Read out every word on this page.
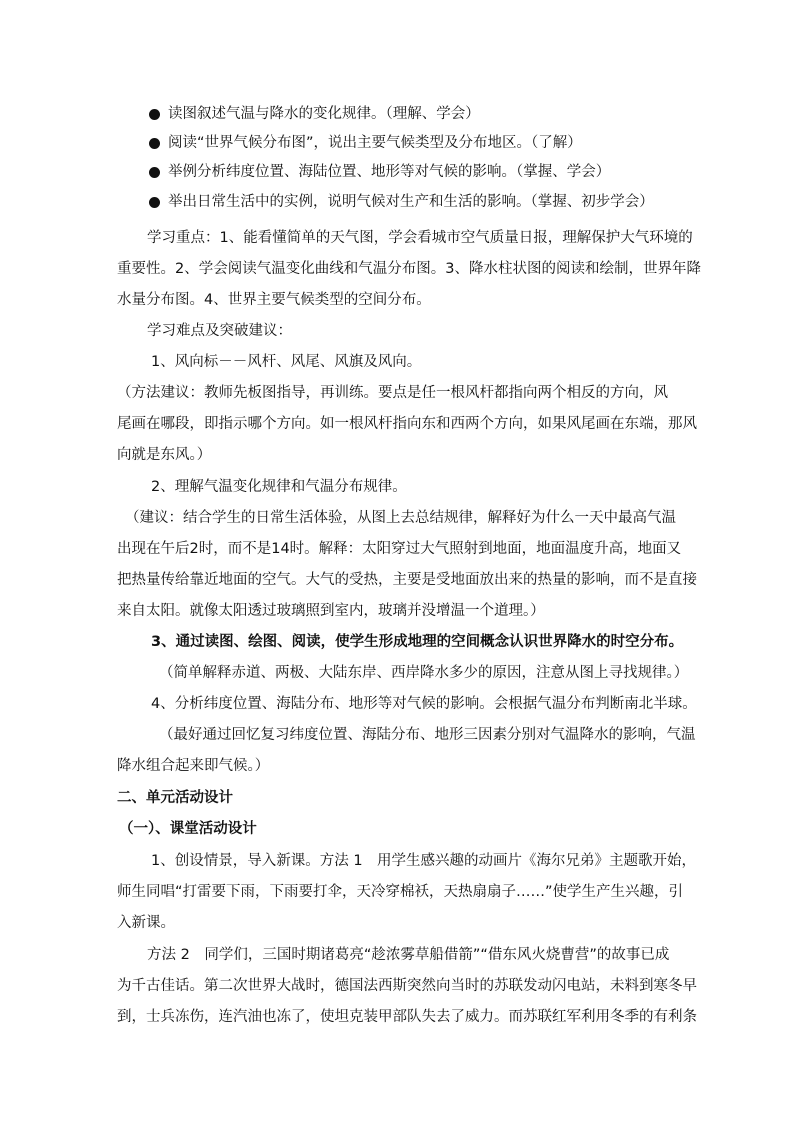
读图叙述气温与降水的变化规律。（理解、学会）

阅读“世界气候分布图”，说出主要气候类型及分布地区。（了解）

举例分析纬度位置、海陆位置、地形等对气候的影响。（掌握、学会）

举出日常生活中的实例，说明气候对生产和生活的影响。（掌握、初步学会）

学习重点：1、能看懂简单的天气图，学会看城市空气质量日报，理解保护大气环境的

重要性。2、学会阅读气温变化曲线和气温分布图。3、降水柱状图的阅读和绘制，世界年降

水量分布图。4、世界主要气候类型的空间分布。

学习难点及突破建议：

1、风向标－－风杆、风尾、风旗及风向。

（方法建议：教师先板图指导，再训练。要点是任一根风杆都指向两个相反的方向，风

尾画在哪段，即指示哪个方向。如一根风杆指向东和西两个方向，如果风尾画在东端，那风

向就是东风。）

2、理解气温变化规律和气温分布规律。

（建议：结合学生的日常生活体验，从图上去总结规律，解释好为什么一天中最高气温

出现在午后2时，而不是14时。解释：太阳穿过大气照射到地面，地面温度升高，地面又

把热量传给靠近地面的空气。大气的受热，主要是受地面放出来的热量的影响，而不是直接

来自太阳。就像太阳透过玻璃照到室内，玻璃并没增温一个道理。）

3、通过读图、绘图、阅读，使学生形成地理的空间概念认识世界降水的时空分布。

（简单解释赤道、两极、大陆东岸、西岸降水多少的原因，注意从图上寻找规律。）

4、分析纬度位置、海陆分布、地形等对气候的影响。会根据气温分布判断南北半球。

（最好通过回忆复习纬度位置、海陆分布、地形三因素分别对气温降水的影响，气温

降水组合起来即气候。）

二、单元活动设计

（一）、课堂活动设计

1、创设情景，导入新课。方法 1　用学生感兴趣的动画片《海尔兄弟》主题歌开始，

师生同唱“打雷要下雨，下雨要打伞，天冷穿棉袄，天热扇扇子……”使学生产生兴趣，引

入新课。

方法 2　同学们，三国时期诸葛亮“趁浓雾草船借箭”“借东风火烧曹营”的故事已成

为千古佳话。第二次世界大战时，德国法西斯突然向当时的苏联发动闪电站，未料到寒冬早

到，士兵冻伤，连汽油也冻了，使坦克装甲部队失去了威力。而苏联红军利用冬季的有利条
